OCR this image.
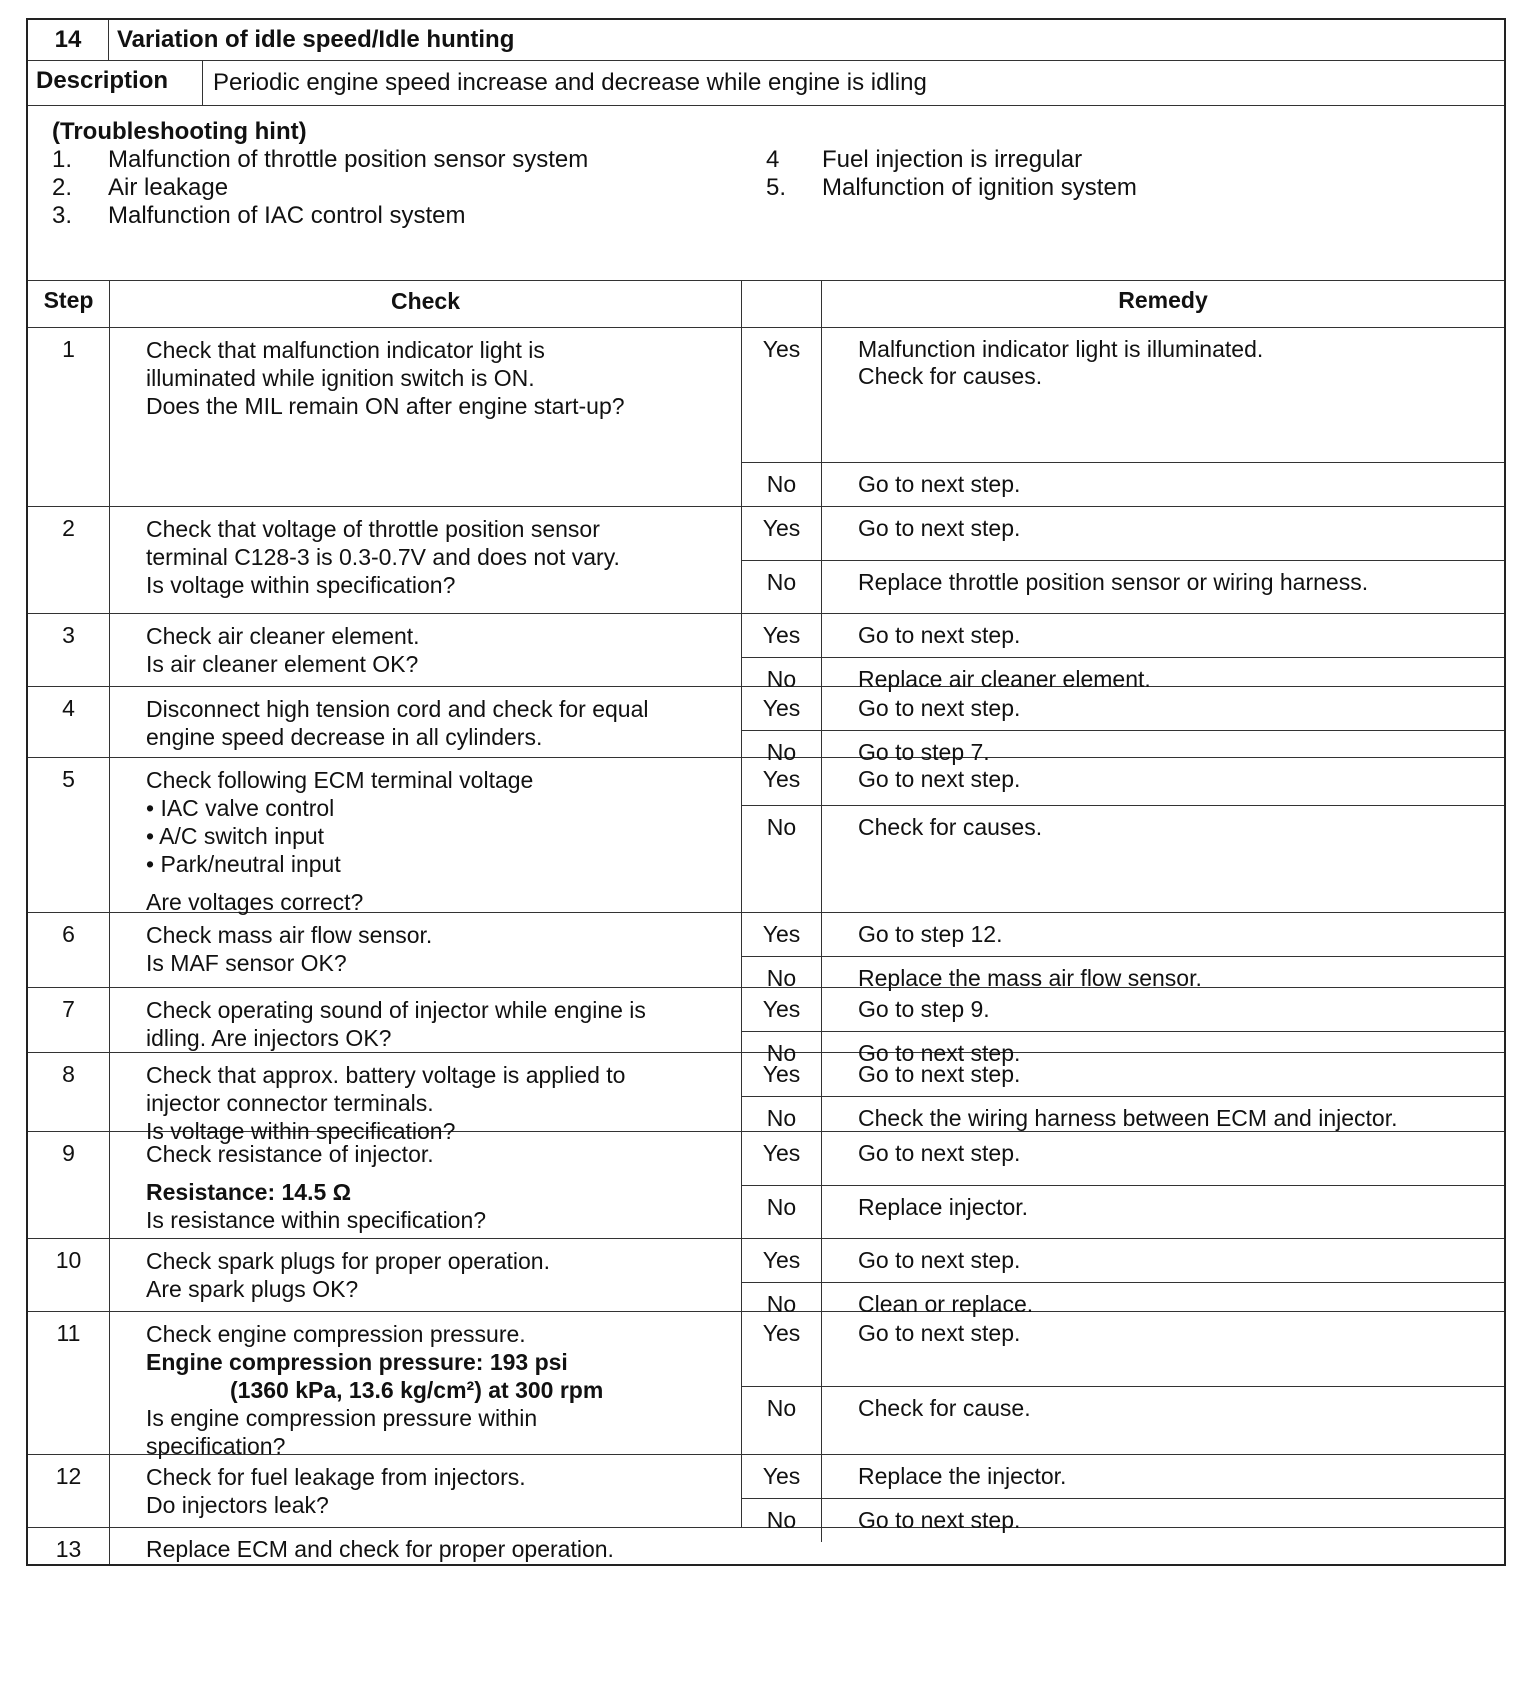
14	Variation of idle speed/Idle hunting
Description	Periodic engine speed increase and decrease while engine is idling
(Troubleshooting hint)
1.	Malfunction of throttle position sensor system
2.	Air leakage
3.	Malfunction of IAC control system
4	Fuel injection is irregular
5.	Malfunction of ignition system
Step	Check	Remedy
1	Check that malfunction indicator light is
illuminated while ignition switch is ON.
Does the MIL remain ON after engine start-up?
Yes	Malfunction indicator light is illuminated.
Check for causes.
No	Go to next step.
2	Check that voltage of throttle position sensor
terminal C128-3 is 0.3-0.7V and does not vary.
Is voltage within specification?
Yes	Go to next step.
No	Replace throttle position sensor or wiring harness.
3	Check air cleaner element.
Is air cleaner element OK?
Yes	Go to next step.
No	Replace air cleaner element.
4	Disconnect high tension cord and check for equal
engine speed decrease in all cylinders.
Yes	Go to next step.
No	Go to step 7.
5	Check following ECM terminal voltage
• IAC valve control
• A/C switch input
• Park/neutral input
Are voltages correct?
Yes	Go to next step.
No	Check for causes.
6	Check mass air flow sensor.
Is MAF sensor OK?
Yes	Go to step 12.
No	Replace the mass air flow sensor.
7	Check operating sound of injector while engine is
idling. Are injectors OK?
Yes	Go to step 9.
No	Go to next step.
8	Check that approx. battery voltage is applied to
injector connector terminals.
Is voltage within specification?
Yes	Go to next step.
No	Check the wiring harness between ECM and injector.
9	Check resistance of injector.
Resistance: 14.5 Ω
Is resistance within specification?
Yes	Go to next step.
No	Replace injector.
10	Check spark plugs for proper operation.
Are spark plugs OK?
Yes	Go to next step.
No	Clean or replace.
11	Check engine compression pressure.
Engine compression pressure: 193 psi
(1360 kPa, 13.6 kg/cm²) at 300 rpm
Is engine compression pressure within
specification?
Yes	Go to next step.
No	Check for cause.
12	Check for fuel leakage from injectors.
Do injectors leak?
Yes	Replace the injector.
No	Go to next step.
13	Replace ECM and check for proper operation.
